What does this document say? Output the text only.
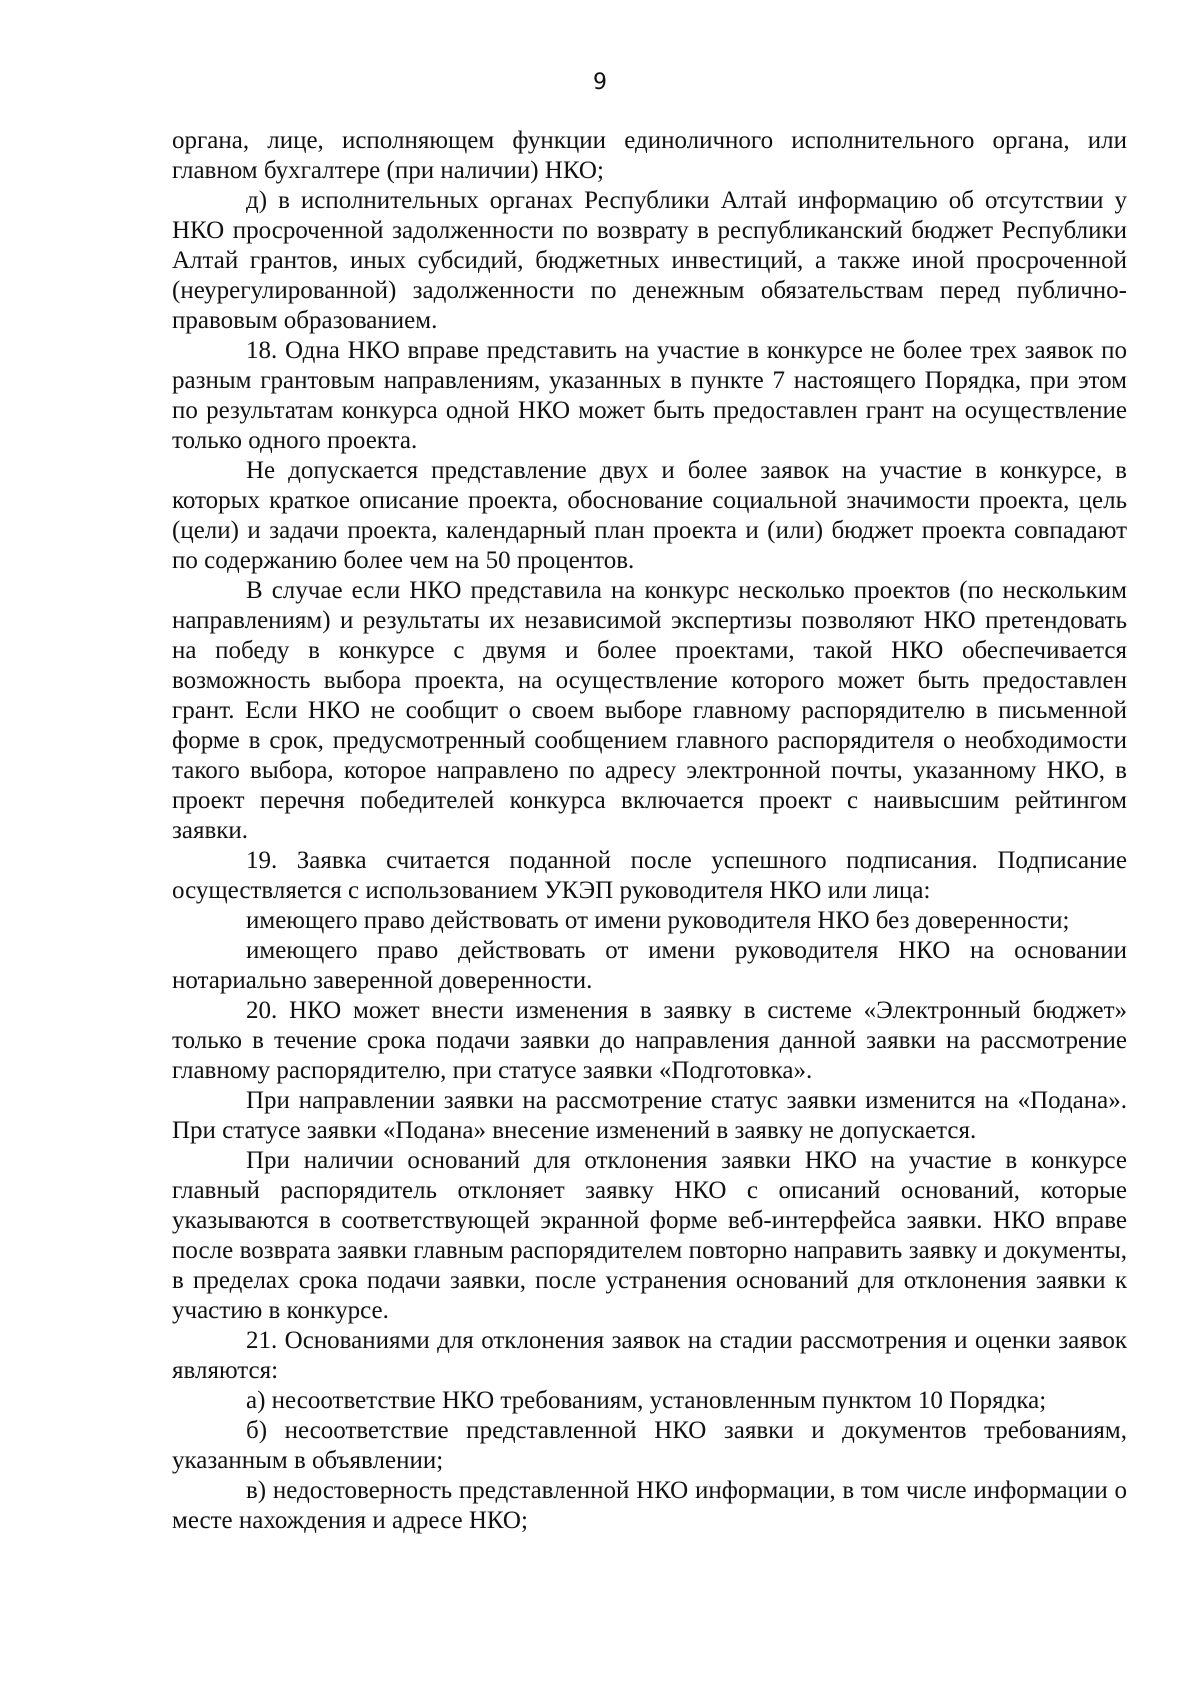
9

органа, лице, исполняющем функции единоличного исполнительного органа, или главном бухгалтере (при наличии) НКО;

д) в исполнительных органах Республики Алтай информацию об отсутствии у НКО просроченной задолженности по возврату в республиканский бюджет Республики Алтай грантов, иных субсидий, бюджетных инвестиций, а также иной просроченной (неурегулированной) задолженности по денежным обязательствам перед публично-правовым образованием.

18. Одна НКО вправе представить на участие в конкурсе не более трех заявок по разным грантовым направлениям, указанных в пункте 7 настоящего Порядка, при этом по результатам конкурса одной НКО может быть предоставлен грант на осуществление только одного проекта.

Не допускается представление двух и более заявок на участие в конкурсе, в которых краткое описание проекта, обоснование социальной значимости проекта, цель (цели) и задачи проекта, календарный план проекта и (или) бюджет проекта совпадают по содержанию более чем на 50 процентов.

В случае если НКО представила на конкурс несколько проектов (по нескольким направлениям) и результаты их независимой экспертизы позволяют НКО претендовать на победу в конкурсе с двумя и более проектами, такой НКО обеспечивается возможность выбора проекта, на осуществление которого может быть предоставлен грант. Если НКО не сообщит о своем выборе главному распорядителю в письменной форме в срок, предусмотренный сообщением главного распорядителя о необходимости такого выбора, которое направлено по адресу электронной почты, указанному НКО, в проект перечня победителей конкурса включается проект с наивысшим рейтингом заявки.

19. Заявка считается поданной после успешного подписания. Подписание осуществляется с использованием УКЭП руководителя НКО или лица:

имеющего право действовать от имени руководителя НКО без доверенности;

имеющего право действовать от имени руководителя НКО на основании нотариально заверенной доверенности.

20. НКО может внести изменения в заявку в системе «Электронный бюджет» только в течение срока подачи заявки до направления данной заявки на рассмотрение главному распорядителю, при статусе заявки «Подготовка».

При направлении заявки на рассмотрение статус заявки изменится на «Подана». При статусе заявки «Подана» внесение изменений в заявку не допускается.

При наличии оснований для отклонения заявки НКО на участие в конкурсе главный распорядитель отклоняет заявку НКО с описаний оснований, которые указываются в соответствующей экранной форме веб-интерфейса заявки. НКО вправе после возврата заявки главным распорядителем повторно направить заявку и документы, в пределах срока подачи заявки, после устранения оснований для отклонения заявки к участию в конкурсе.

21. Основаниями для отклонения заявок на стадии рассмотрения и оценки заявок являются:

а) несоответствие НКО требованиям, установленным пунктом 10 Порядка;

б) несоответствие представленной НКО заявки и документов требованиям, указанным в объявлении;

в) недостоверность представленной НКО информации, в том числе информации о месте нахождения и адресе НКО;
